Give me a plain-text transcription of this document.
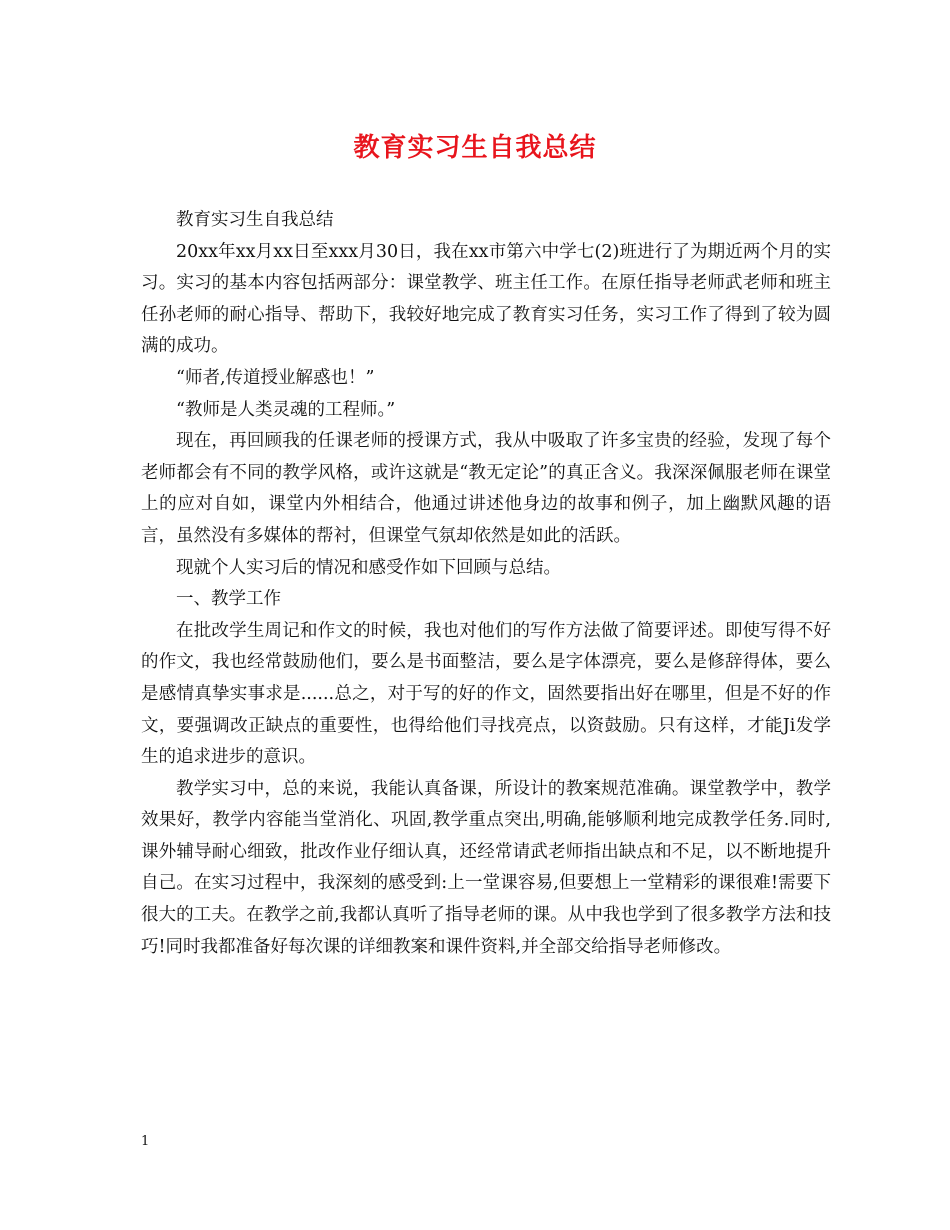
教育实习生自我总结

教育实习生自我总结

20xx年xx月xx日至xxx月30日，我在xx市第六中学七(2)班进行了为期近两个月的实习。实习的基本内容包括两部分：课堂教学、班主任工作。在原任指导老师武老师和班主任孙老师的耐心指导、帮助下，我较好地完成了教育实习任务，实习工作了得到了较为圆满的成功。

“师者,传道授业解惑也！”

“教师是人类灵魂的工程师。”

现在，再回顾我的任课老师的授课方式，我从中吸取了许多宝贵的经验，发现了每个老师都会有不同的教学风格，或许这就是“教无定论”的真正含义。我深深佩服老师在课堂上的应对自如，课堂内外相结合，他通过讲述他身边的故事和例子，加上幽默风趣的语言，虽然没有多媒体的帮衬，但课堂气氛却依然是如此的活跃。

现就个人实习后的情况和感受作如下回顾与总结。

一、教学工作

在批改学生周记和作文的时候，我也对他们的写作方法做了简要评述。即使写得不好的作文，我也经常鼓励他们，要么是书面整洁，要么是字体漂亮，要么是修辞得体，要么是感情真挚实事求是......总之，对于写的好的作文，固然要指出好在哪里，但是不好的作文，要强调改正缺点的重要性，也得给他们寻找亮点，以资鼓励。只有这样，才能Ji发学生的追求进步的意识。

教学实习中，总的来说，我能认真备课，所设计的教案规范准确。课堂教学中，教学效果好，教学内容能当堂消化、巩固,教学重点突出,明确,能够顺利地完成教学任务.同时,课外辅导耐心细致，批改作业仔细认真，还经常请武老师指出缺点和不足，以不断地提升自己。在实习过程中，我深刻的感受到:上一堂课容易,但要想上一堂精彩的课很难!需要下很大的工夫。在教学之前,我都认真听了指导老师的课。从中我也学到了很多教学方法和技巧!同时我都准备好每次课的详细教案和课件资料,并全部交给指导老师修改。

1
